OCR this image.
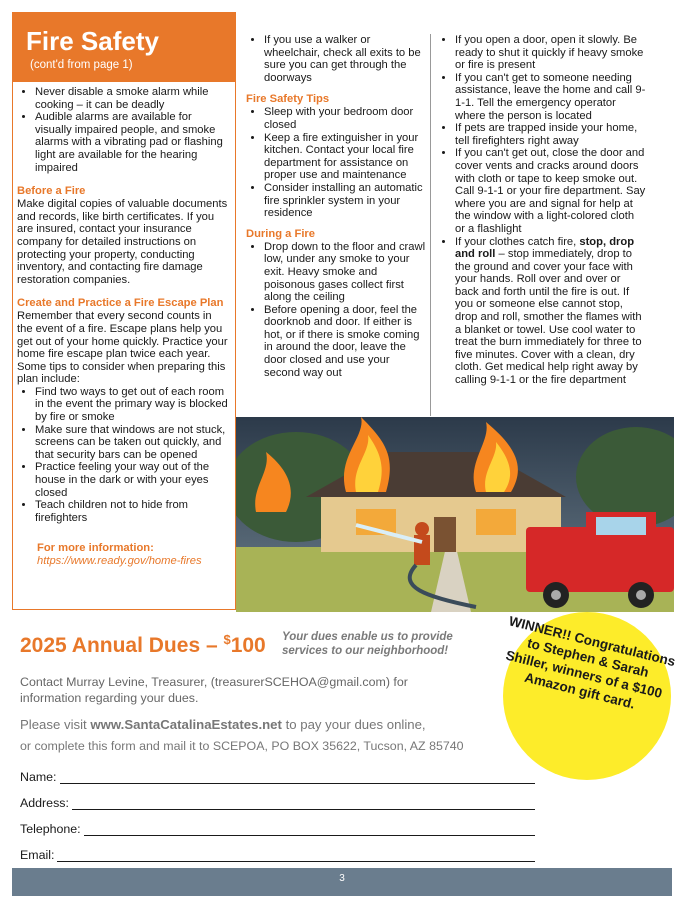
Fire Safety
(cont'd from page 1)
• Never disable a smoke alarm while cooking – it can be deadly
• Audible alarms are available for visually impaired people, and smoke alarms with a vibrating pad or flashing light are available for the hearing impaired
Before a Fire
Make digital copies of valuable documents and records, like birth certificates. If you are insured, contact your insurance company for detailed instructions on protecting your property, conducting inventory, and contacting fire damage restoration companies.
Create and Practice a Fire Escape Plan
Remember that every second counts in the event of a fire. Escape plans help you get out of your home quickly. Practice your home fire escape plan twice each year. Some tips to consider when preparing this plan include:
• Find two ways to get out of each room in the event the primary way is blocked by fire or smoke
• Make sure that windows are not stuck, screens can be taken out quickly, and that security bars can be opened
• Practice feeling your way out of the house in the dark or with your eyes closed
• Teach children not to hide from firefighters
For more information:
https://www.ready.gov/home-fires
• If you use a walker or wheelchair, check all exits to be sure you can get through the doorways
Fire Safety Tips
• Sleep with your bedroom door closed
• Keep a fire extinguisher in your kitchen. Contact your local fire department for assistance on proper use and maintenance
• Consider installing an automatic fire sprinkler system in your residence
During a Fire
• Drop down to the floor and crawl low, under any smoke to your exit. Heavy smoke and poisonous gases collect first along the ceiling
• Before opening a door, feel the doorknob and door. If either is hot, or if there is smoke coming in around the door, leave the door closed and use your second way out
• If you open a door, open it slowly. Be ready to shut it quickly if heavy smoke or fire is present
• If you can't get to someone needing assistance, leave the home and call 9-1-1. Tell the emergency operator where the person is located
• If pets are trapped inside your home, tell firefighters right away
• If you can't get out, close the door and cover vents and cracks around doors with cloth or tape to keep smoke out. Call 9-1-1 or your fire department. Say where you are and signal for help at the window with a light-colored cloth or a flashlight
• If your clothes catch fire, stop, drop and roll – stop immediately, drop to the ground and cover your face with your hands. Roll over and over or back and forth until the fire is out. If you or someone else cannot stop, drop and roll, smother the flames with a blanket or towel. Use cool water to treat the burn immediately for three to five minutes. Cover with a clean, dry cloth. Get medical help right away by calling 9-1-1 or the fire department
2025 Annual Dues – $100 Your dues enable us to provide services to our neighborhood!
Contact Murray Levine, Treasurer, (treasurerSCEHOA@gmail.com) for information regarding your dues.
Please visit www.SantaCatalinaEstates.net to pay your dues online,
or complete this form and mail it to SCEPOA, PO BOX 35622, Tucson, AZ 85740
Name:
Address:
Telephone:
Email:
WINNER!! Congratulations to Stephen & Sarah Shiller, winners of a $100 Amazon gift card.
3
